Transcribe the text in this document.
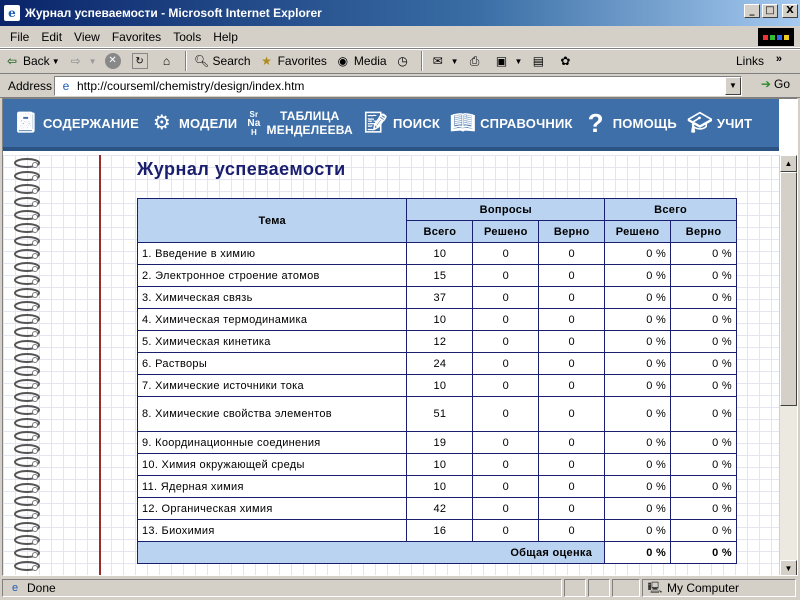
e Журнал успеваемости - Microsoft Internet Explorer	_	□	X
File	Edit	View	Favorites	Tools	Help
⇦ Back ▼ ⇨ ▼	✕	↻	⌂	🔍︎ Search ★ Favorites ◉ Media ◷ ✉ ▼ ⎙ ▣ ▼ ▤ ✿	Links »
Address e http://courseml/chemistry/design/index.htm	▼	➔ Go
📓︎ СОДЕРЖАНИЕ ⚙ МОДЕЛИ
Sr
Na
H
ТАБЛИЦА
МЕНДЕЛЕЕВА 📝︎ ПОИСК 📖︎ СПРАВОЧНИК ? ПОМОЩЬ 🎓︎ УЧИТ
Журнал успеваемости
Тема	Вопросы			Всего	
	Всего	Решено	Верно	Решено	Верно
1. Введение в химию	10	0	0	0 %	0 %
2. Электронное строение атомов	15	0	0	0 %	0 %
3. Химическая связь	37	0	0	0 %	0 %
4. Химическая термодинамика	10	0	0	0 %	0 %
5. Химическая кинетика	12	0	0	0 %	0 %
6. Растворы	24	0	0	0 %	0 %
7. Химические источники тока	10	0	0	0 %	0 %
8. Химические свойства элементов	51	0	0	0 %	0 %
9. Координационные соединения	19	0	0	0 %	0 %
10. Химия окружающей среды	10	0	0	0 %	0 %
11. Ядерная химия	10	0	0	0 %	0 %
12. Органическая химия	42	0	0	0 %	0 %
13. Биохимия	16	0	0	0 %	0 %
Общая оценка				0 %	0 %
▲
▼
e Done	🖳︎ My Computer
